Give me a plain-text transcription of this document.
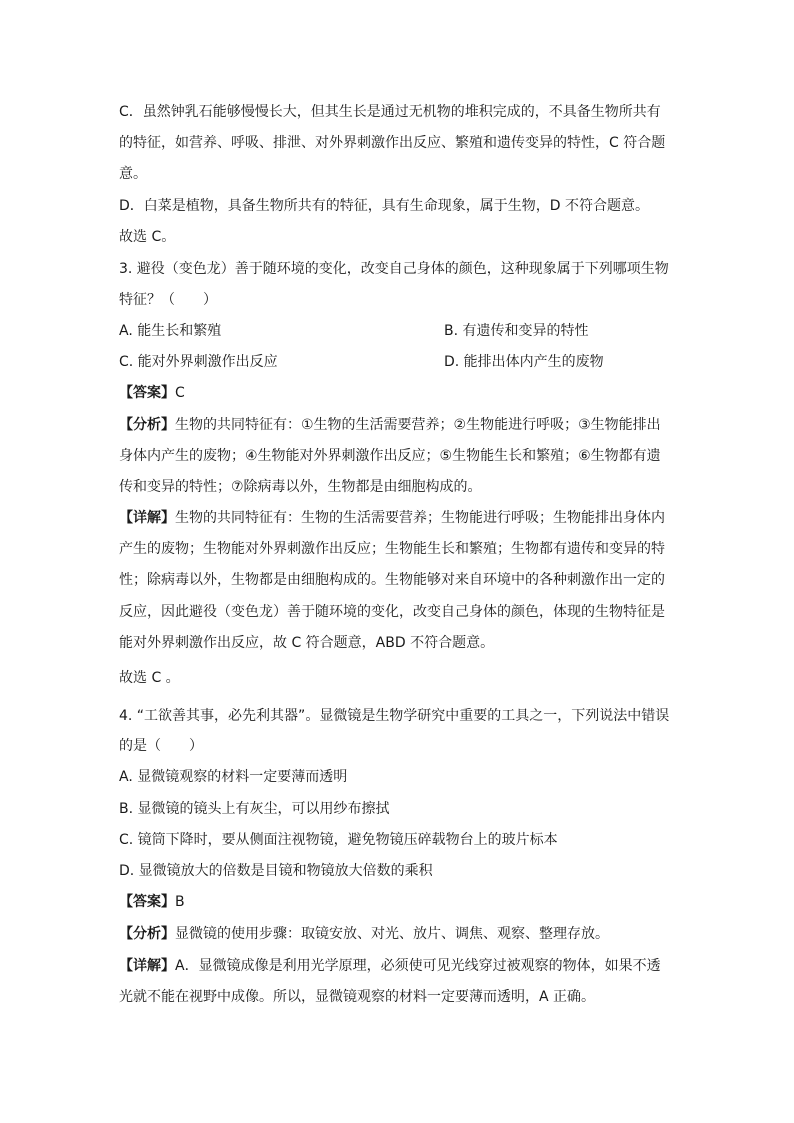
C．虽然钟乳石能够慢慢长大，但其生长是通过无机物的堆积完成的，不具备生物所共有
的特征，如营养、呼吸、排泄、对外界刺激作出反应、繁殖和遗传变异的特性，C 符合题
意。
D．白菜是植物，具备生物所共有的特征，具有生命现象，属于生物，D 不符合题意。
故选 C。
3. 避役（变色龙）善于随环境的变化，改变自己身体的颜色，这种现象属于下列哪项生物
特征？（　　）
A. 能生长和繁殖	B. 有遗传和变异的特性
C. 能对外界刺激作出反应	D. 能排出体内产生的废物
【答案】C
【分析】生物的共同特征有：①生物的生活需要营养；②生物能进行呼吸；③生物能排出
身体内产生的废物；④生物能对外界刺激作出反应；⑤生物能生长和繁殖；⑥生物都有遗
传和变异的特性；⑦除病毒以外，生物都是由细胞构成的。
【详解】生物的共同特征有：生物的生活需要营养；生物能进行呼吸；生物能排出身体内
产生的废物；生物能对外界刺激作出反应；生物能生长和繁殖；生物都有遗传和变异的特
性；除病毒以外，生物都是由细胞构成的。生物能够对来自环境中的各种刺激作出一定的
反应，因此避役（变色龙）善于随环境的变化，改变自己身体的颜色，体现的生物特征是
能对外界刺激作出反应，故 C 符合题意，ABD 不符合题意。
故选 C 。
4. “工欲善其事，必先利其器”。显微镜是生物学研究中重要的工具之一，下列说法中错误
的是（　　）
A. 显微镜观察的材料一定要薄而透明
B. 显微镜的镜头上有灰尘，可以用纱布擦拭
C. 镜筒下降时，要从侧面注视物镜，避免物镜压碎载物台上的玻片标本
D. 显微镜放大的倍数是目镜和物镜放大倍数的乘积
【答案】B
【分析】显微镜的使用步骤：取镜安放、对光、放片、调焦、观察、整理存放。
【详解】A．显微镜成像是利用光学原理，必须使可见光线穿过被观察的物体，如果不透
光就不能在视野中成像。所以，显微镜观察的材料一定要薄而透明，A 正确。
